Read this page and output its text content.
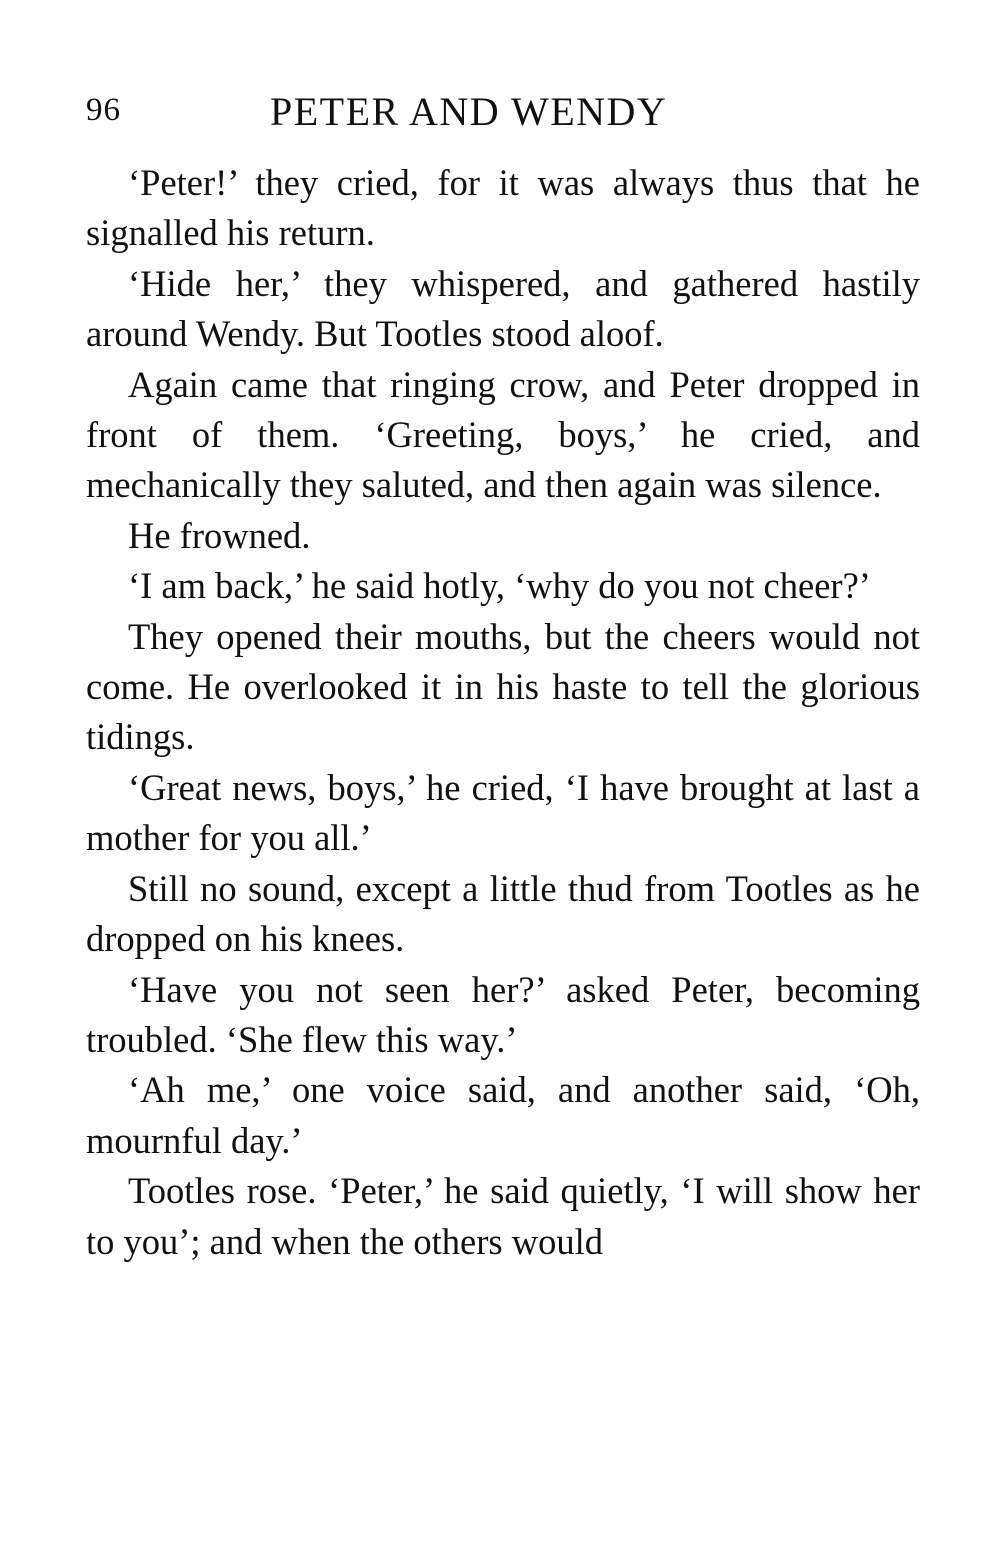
96	PETER AND WENDY

‘Peter!’ they cried, for it was always thus that he signalled his return.

‘Hide her,’ they whispered, and gathered hastily around Wendy. But Tootles stood aloof.

Again came that ringing crow, and Peter dropped in front of them. ‘Greeting, boys,’ he cried, and mechanically they saluted, and then again was silence.

He frowned.

‘I am back,’ he said hotly, ‘why do you not cheer?’

They opened their mouths, but the cheers would not come. He overlooked it in his haste to tell the glorious tidings.

‘Great news, boys,’ he cried, ‘I have brought at last a mother for you all.’

Still no sound, except a little thud from Tootles as he dropped on his knees.

‘Have you not seen her?’ asked Peter, becoming troubled. ‘She flew this way.’

‘Ah me,’ one voice said, and another said, ‘Oh, mournful day.’

Tootles rose. ‘Peter,’ he said quietly, ‘I will show her to you’; and when the others would
